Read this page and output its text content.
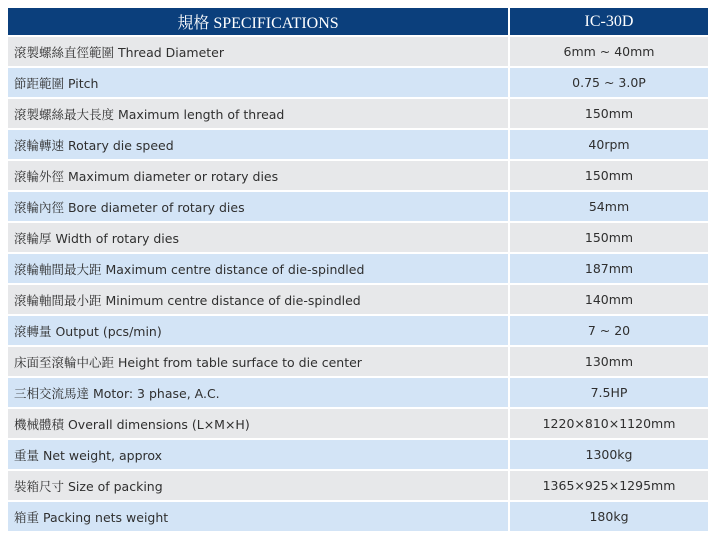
規格 SPECIFICATIONS	IC-30D
滾製螺絲直徑範圍 Thread Diameter	6mm ~ 40mm
節距範圍 Pitch	0.75 ~ 3.0P
滾製螺絲最大長度 Maximum length of thread	150mm
滾輪轉速 Rotary die speed	40rpm
滾輪外徑 Maximum diameter or rotary dies	150mm
滾輪內徑 Bore diameter of rotary dies	54mm
滾輪厚 Width of rotary dies	150mm
滾輪軸間最大距 Maximum centre distance of die-spindled	187mm
滾輪軸間最小距 Minimum centre distance of die-spindled	140mm
滾轉量 Output (pcs/min)	7 ~ 20
床面至滾輪中心距 Height from table surface to die center	130mm
三相交流馬達 Motor: 3 phase, A.C.	7.5HP
機械體積 Overall dimensions (L×M×H)	1220×810×1120mm
重量 Net weight, approx	1300kg
裝箱尺寸 Size of packing	1365×925×1295mm
箱重 Packing nets weight	180kg
